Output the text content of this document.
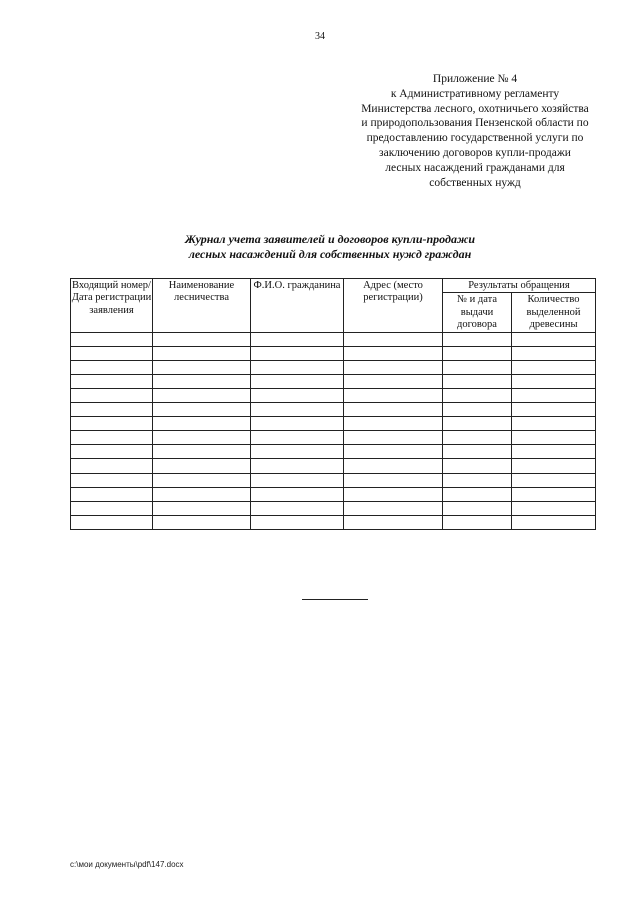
34
Приложение № 4
к Административному регламенту
Министерства лесного, охотничьего хозяйства
и природопользования Пензенской области по
предоставлению государственной услуги по
заключению договоров купли-продажи
лесных насаждений гражданами для
собственных нужд
Журнал учета заявителей и договоров купли-продажи
лесных насаждений для собственных нужд граждан
Входящий номер/ Дата регистрации заявления	Наименование лесничества	Ф.И.О. гражданина	Адрес (место регистрации)	Результаты обращения	
				№ и дата выдачи договора	Количество выделенной древесины

c:\мои документы\pdf\147.docx
